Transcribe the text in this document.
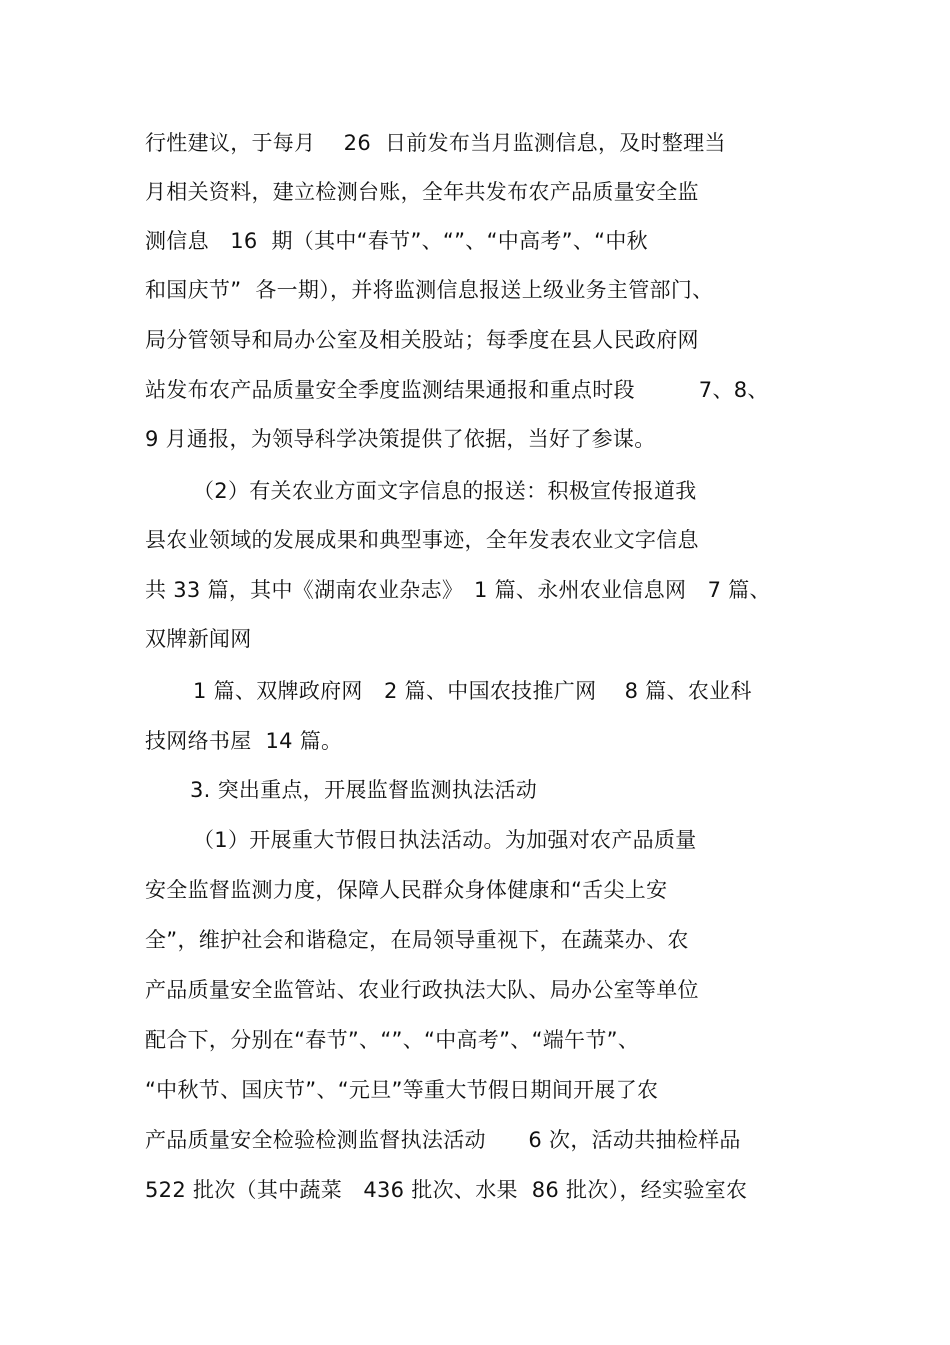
行性建议，于每月　 26  日前发布当月监测信息，及时整理当
月相关资料，建立检测台账，全年共发布农产品质量安全监
测信息　16  期（其中“春节”、“”、“中高考”、“中秋
和国庆节”  各一期），并将监测信息报送上级业务主管部门、
局分管领导和局办公室及相关股站；每季度在县人民政府网
站发布农产品质量安全季度监测结果通报和重点时段　　　7、8、
9 月通报，为领导科学决策提供了依据，当好了参谋。
（2）有关农业方面文字信息的报送：积极宣传报道我
县农业领域的发展成果和典型事迹，全年发表农业文字信息
共 33 篇，其中《湖南农业杂志》　1 篇、永州农业信息网　7 篇、
双牌新闻网
1 篇、双牌政府网　2 篇、中国农技推广网　 8 篇、农业科
技网络书屋  14 篇。
3. 突出重点，开展监督监测执法活动
（1）开展重大节假日执法活动。为加强对农产品质量
安全监督监测力度，保障人民群众身体健康和“舌尖上安
全”，维护社会和谐稳定，在局领导重视下，在蔬菜办、农
产品质量安全监管站、农业行政执法大队、局办公室等单位
配合下，分别在“春节”、“”、“中高考”、“端午节”、
“中秋节、国庆节”、“元旦”等重大节假日期间开展了农
产品质量安全检验检测监督执法活动　　6 次，活动共抽检样品
522 批次（其中蔬菜　436 批次、水果  86 批次），经实验室农
